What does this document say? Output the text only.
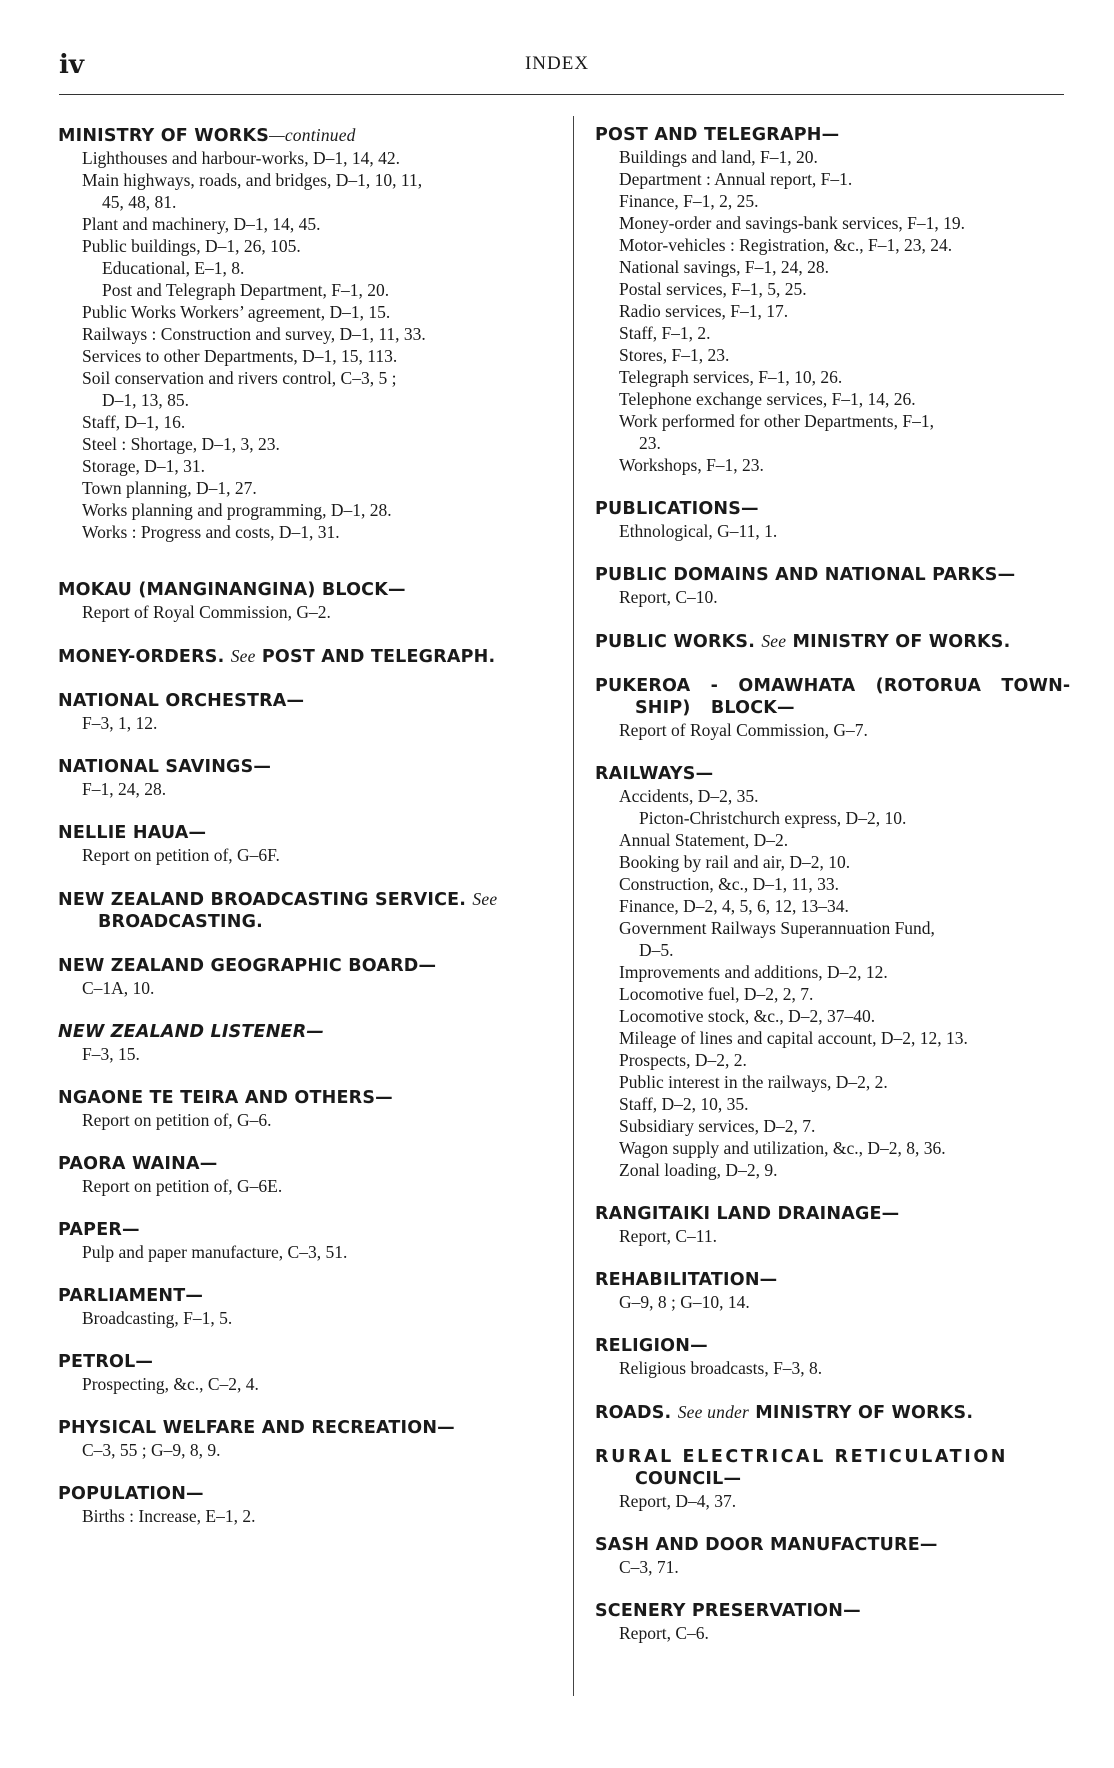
iv	INDEX
MINISTRY OF WORKS—continued
Lighthouses and harbour-works, D–1, 14, 42.
Main highways, roads, and bridges, D–1, 10, 11,
45, 48, 81.
Plant and machinery, D–1, 14, 45.
Public buildings, D–1, 26, 105.
Educational, E–1, 8.
Post and Telegraph Department, F–1, 20.
Public Works Workers’ agreement, D–1, 15.
Railways : Construction and survey, D–1, 11, 33.
Services to other Departments, D–1, 15, 113.
Soil conservation and rivers control, C–3, 5 ;
D–1, 13, 85.
Staff, D–1, 16.
Steel : Shortage, D–1, 3, 23.
Storage, D–1, 31.
Town planning, D–1, 27.
Works planning and programming, D–1, 28.
Works : Progress and costs, D–1, 31.
MOKAU (MANGINANGINA) BLOCK—
Report of Royal Commission, G–2.
MONEY-ORDERS. See POST AND TELEGRAPH.
NATIONAL ORCHESTRA—
F–3, 1, 12.
NATIONAL SAVINGS—
F–1, 24, 28.
NELLIE HAUA—
Report on petition of, G–6F.
NEW ZEALAND BROADCASTING SERVICE. See
BROADCASTING.
NEW ZEALAND GEOGRAPHIC BOARD—
C–1A, 10.
NEW ZEALAND LISTENER—
F–3, 15.
NGAONE TE TEIRA AND OTHERS—
Report on petition of, G–6.
PAORA WAINA—
Report on petition of, G–6E.
PAPER—
Pulp and paper manufacture, C–3, 51.
PARLIAMENT—
Broadcasting, F–1, 5.
PETROL—
Prospecting, &c., C–2, 4.
PHYSICAL WELFARE AND RECREATION—
C–3, 55 ; G–9, 8, 9.
POPULATION—
Births : Increase, E–1, 2.
POST AND TELEGRAPH—
Buildings and land, F–1, 20.
Department : Annual report, F–1.
Finance, F–1, 2, 25.
Money-order and savings-bank services, F–1, 19.
Motor-vehicles : Registration, &c., F–1, 23, 24.
National savings, F–1, 24, 28.
Postal services, F–1, 5, 25.
Radio services, F–1, 17.
Staff, F–1, 2.
Stores, F–1, 23.
Telegraph services, F–1, 10, 26.
Telephone exchange services, F–1, 14, 26.
Work performed for other Departments, F–1,
23.
Workshops, F–1, 23.
PUBLICATIONS—
Ethnological, G–11, 1.
PUBLIC DOMAINS AND NATIONAL PARKS—
Report, C–10.
PUBLIC WORKS. See MINISTRY OF WORKS.
PUKEROA - OMAWHATA (ROTORUA TOWN-
SHIP) BLOCK—
Report of Royal Commission, G–7.
RAILWAYS—
Accidents, D–2, 35.
Picton-Christchurch express, D–2, 10.
Annual Statement, D–2.
Booking by rail and air, D–2, 10.
Construction, &c., D–1, 11, 33.
Finance, D–2, 4, 5, 6, 12, 13–34.
Government Railways Superannuation Fund,
D–5.
Improvements and additions, D–2, 12.
Locomotive fuel, D–2, 2, 7.
Locomotive stock, &c., D–2, 37–40.
Mileage of lines and capital account, D–2, 12, 13.
Prospects, D–2, 2.
Public interest in the railways, D–2, 2.
Staff, D–2, 10, 35.
Subsidiary services, D–2, 7.
Wagon supply and utilization, &c., D–2, 8, 36.
Zonal loading, D–2, 9.
RANGITAIKI LAND DRAINAGE—
Report, C–11.
REHABILITATION—
G–9, 8 ; G–10, 14.
RELIGION—
Religious broadcasts, F–3, 8.
ROADS. See under MINISTRY OF WORKS.
RURAL ELECTRICAL RETICULATION
COUNCIL—
Report, D–4, 37.
SASH AND DOOR MANUFACTURE—
C–3, 71.
SCENERY PRESERVATION—
Report, C–6.
